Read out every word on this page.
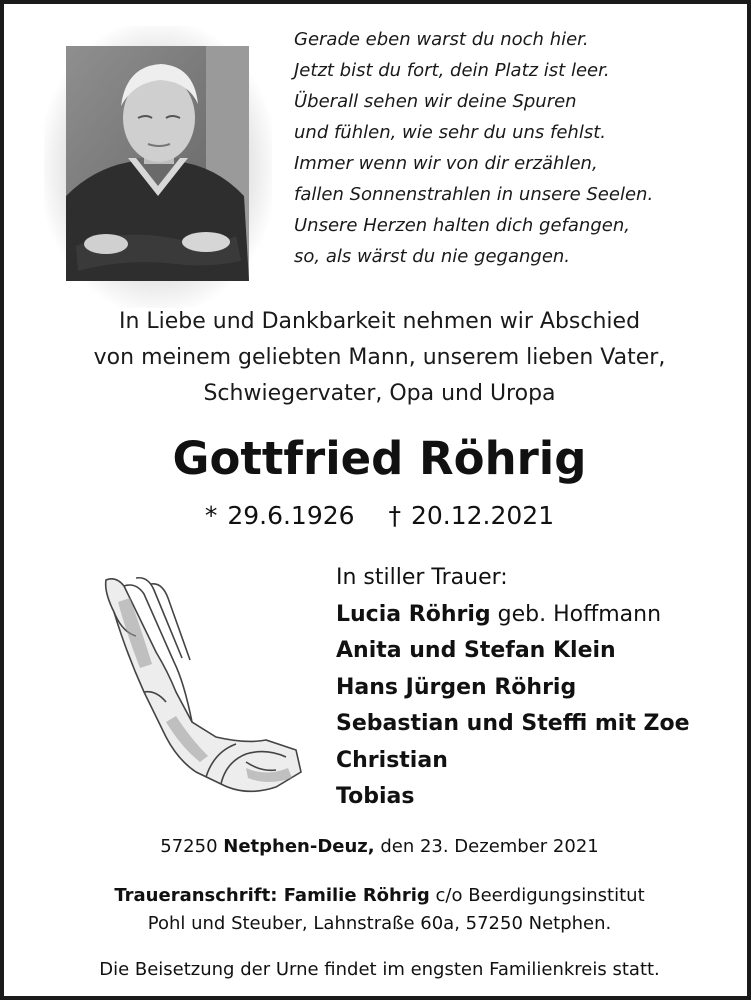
Gerade eben warst du noch hier.
Jetzt bist du fort, dein Platz ist leer.
Überall sehen wir deine Spuren
und fühlen, wie sehr du uns fehlst.
Immer wenn wir von dir erzählen,
fallen Sonnenstrahlen in unsere Seelen.
Unsere Herzen halten dich gefangen,
so, als wärst du nie gegangen.
In Liebe und Dankbarkeit nehmen wir Abschied
von meinem geliebten Mann, unserem lieben Vater,
Schwiegervater, Opa und Uropa
Gottfried Röhrig
* 29.6.1926 † 20.12.2021
In stiller Trauer:
Lucia Röhrig geb. Hoffmann
Anita und Stefan Klein
Hans Jürgen Röhrig
Sebastian und Steffi mit Zoe
Christian
Tobias
57250 Netphen-Deuz, den 23. Dezember 2021
Traueranschrift: Familie Röhrig c/o Beerdigungsinstitut
Pohl und Steuber, Lahnstraße 60a, 57250 Netphen.
Die Beisetzung der Urne findet im engsten Familienkreis statt.
